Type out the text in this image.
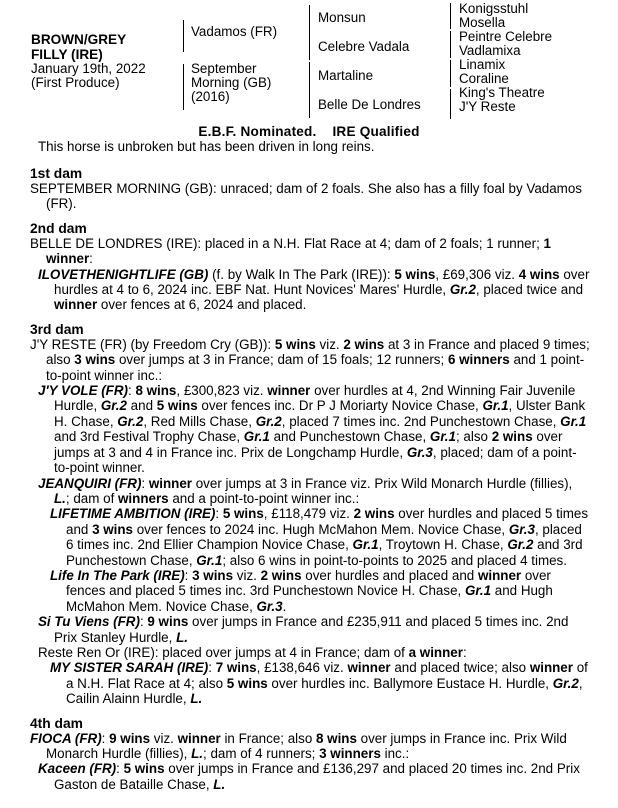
BROWN/GREY
FILLY (IRE)
January 19th, 2022
(First Produce)
Vadamos (FR)
September
Morning (GB)
(2016)
Monsun
Celebre Vadala
Martaline
Belle De Londres
Konigsstuhl
Mosella
Peintre Celebre
Vadlamixa
Linamix
Coraline
King's Theatre
J'Y Reste
E.B.F. Nominated. IRE Qualified
This horse is unbroken but has been driven in long reins.
1st dam
SEPTEMBER MORNING (GB): unraced; dam of 2 foals. She also has a filly foal by Vadamos (FR).
2nd dam
BELLE DE LONDRES (IRE): placed in a N.H. Flat Race at 4; dam of 2 foals; 1 runner; 1 winner:
ILOVETHENIGHTLIFE (GB) (f. by Walk In The Park (IRE)): 5 wins, £69,306 viz. 4 wins over hurdles at 4 to 6, 2024 inc. EBF Nat. Hunt Novices' Mares' Hurdle, Gr.2, placed twice and winner over fences at 6, 2024 and placed.
3rd dam
J'Y RESTE (FR) (by Freedom Cry (GB)): 5 wins viz. 2 wins at 3 in France and placed 9 times; also 3 wins over jumps at 3 in France; dam of 15 foals; 12 runners; 6 winners and 1 point-to-point winner inc.:
J'Y VOLE (FR): 8 wins, £300,823 viz. winner over hurdles at 4, 2nd Winning Fair Juvenile Hurdle, Gr.2 and 5 wins over fences inc. Dr P J Moriarty Novice Chase, Gr.1, Ulster Bank H. Chase, Gr.2, Red Mills Chase, Gr.2, placed 7 times inc. 2nd Punchestown Chase, Gr.1 and 3rd Festival Trophy Chase, Gr.1 and Punchestown Chase, Gr.1; also 2 wins over jumps at 3 and 4 in France inc. Prix de Longchamp Hurdle, Gr.3, placed; dam of a point-to-point winner.
JEANQUIRI (FR): winner over jumps at 3 in France viz. Prix Wild Monarch Hurdle (fillies), L.; dam of winners and a point-to-point winner inc.:
LIFETIME AMBITION (IRE): 5 wins, £118,479 viz. 2 wins over hurdles and placed 5 times and 3 wins over fences to 2024 inc. Hugh McMahon Mem. Novice Chase, Gr.3, placed 6 times inc. 2nd Ellier Champion Novice Chase, Gr.1, Troytown H. Chase, Gr.2 and 3rd Punchestown Chase, Gr.1; also 6 wins in point-to-points to 2025 and placed 4 times.
Life In The Park (IRE): 3 wins viz. 2 wins over hurdles and placed and winner over fences and placed 5 times inc. 3rd Punchestown Novice H. Chase, Gr.1 and Hugh McMahon Mem. Novice Chase, Gr.3.
Si Tu Viens (FR): 9 wins over jumps in France and £235,911 and placed 5 times inc. 2nd Prix Stanley Hurdle, L.
Reste Ren Or (IRE): placed over jumps at 4 in France; dam of a winner:
MY SISTER SARAH (IRE): 7 wins, £138,646 viz. winner and placed twice; also winner of a N.H. Flat Race at 4; also 5 wins over hurdles inc. Ballymore Eustace H. Hurdle, Gr.2, Cailin Alainn Hurdle, L.
4th dam
FIOCA (FR): 9 wins viz. winner in France; also 8 wins over jumps in France inc. Prix Wild Monarch Hurdle (fillies), L.; dam of 4 runners; 3 winners inc.:
Kaceen (FR): 5 wins over jumps in France and £136,297 and placed 20 times inc. 2nd Prix Gaston de Bataille Chase, L.
